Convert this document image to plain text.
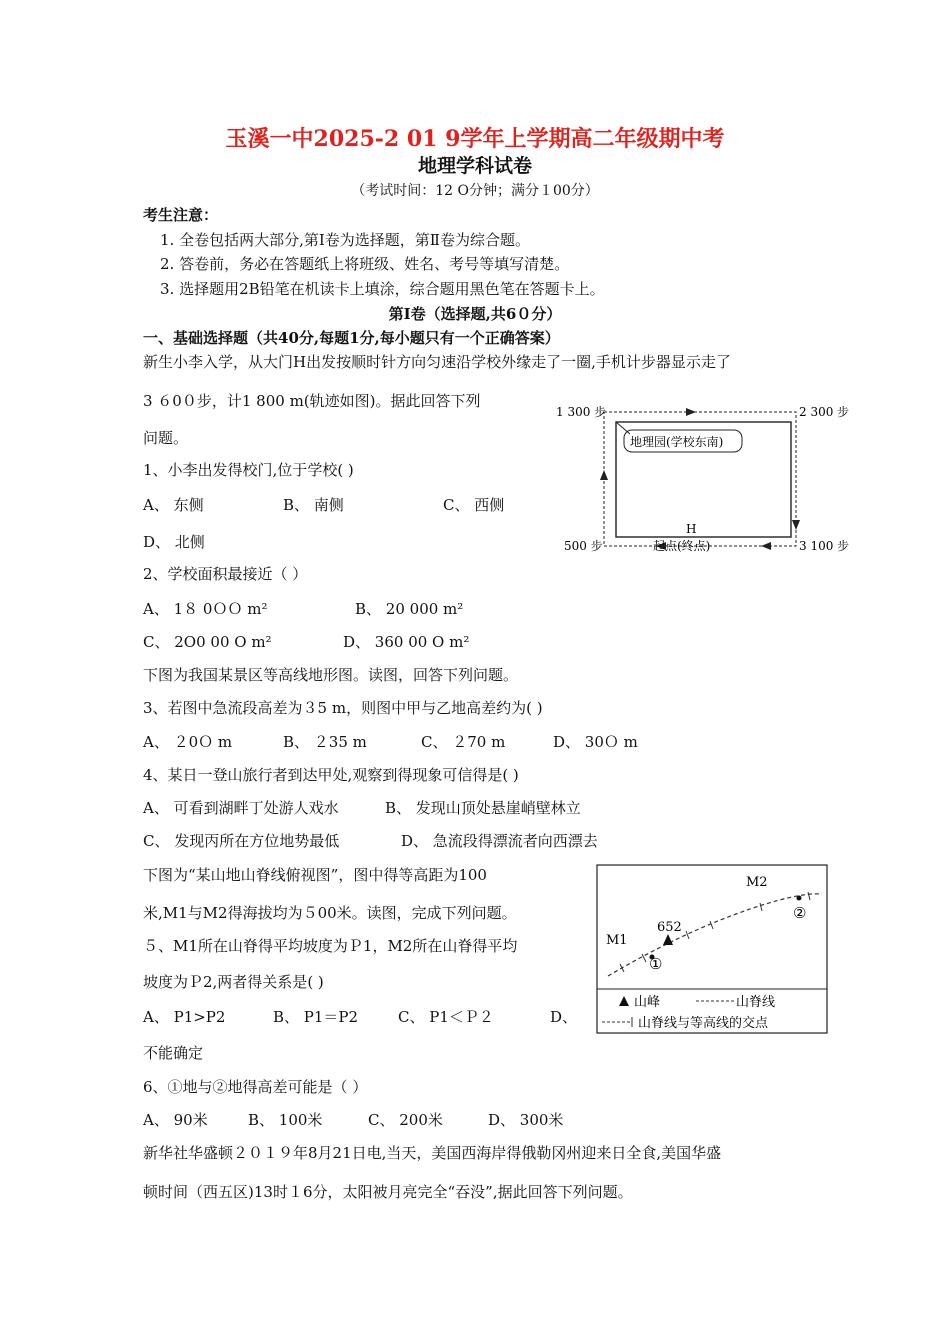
玉溪一中2025-2 01 9学年上学期高二年级期中考
地理学科试卷
（考试时间：12 O分钟；满分１00分）
考生注意：
1. 全卷包括两大部分,第Ⅰ卷为选择题，第Ⅱ卷为综合题。
2. 答卷前，务必在答题纸上将班级、姓名、考号等填写清楚。
3. 选择题用2B铅笔在机读卡上填涂，综合题用黑色笔在答题卡上。
第Ⅰ卷（选择题,共6０分）
一、基础选择题（共40分,每题1分,每小题只有一个正确答案）
新生小李入学，从大门H出发按顺时针方向匀速沿学校外缘走了一圈,手机计步器显示走了
3 ６0０步，计1 800 m(轨迹如图)。据此回答下列
问题。
1、小李出发得校门,位于学校( )
A、 东侧	B、 南侧	C、 西侧
D、 北侧
2、学校面积最接近（ ）
A、 1８ 0ＯＯ m²	B、 20 000 m²
C、 2O0 00 O m²	D、 360 00 O m²
下图为我国某景区等高线地形图。读图，回答下列问题。
3、若图中急流段高差为３5 m，则图中甲与乙地高差约为( )
A、 ２0Ｏ m	B、 ２35 m	C、 ２70 m	D、 30Ｏ m
4、某日一登山旅行者到达甲处,观察到得现象可信得是( )
A、 可看到湖畔丁处游人戏水	B、 发现山顶处悬崖峭壁林立
C、 发现丙所在方位地势最低	D、 急流段得漂流者向西漂去
下图为“某山地山脊线俯视图”，图中得等高距为100
米,M1与M2得海拔均为５00米。读图，完成下列问题。
５、M1所在山脊得平均坡度为Ｐ1，M2所在山脊得平均
坡度为Ｐ2,两者得关系是( )
A、 P1>P2	B、 P1＝P2	C、 P1＜Ｐ２	D、
不能确定
6、①地与②地得高差可能是（ ）
A、 90米	B、 100米	C、 200米	D、 300米
新华社华盛顿２０１９年8月21日电,当天，美国西海岸得俄勒冈州迎来日全食,美国华盛
顿时间（西五区)13时１6分，太阳被月亮完全“吞没”,据此回答下列问题。
地理园(学校东南)
1 300 步	2 300 步
500 步	3 100 步
H
起点(终点)
M1
M2
652
①
②
山峰	山脊线
山脊线与等高线的交点
